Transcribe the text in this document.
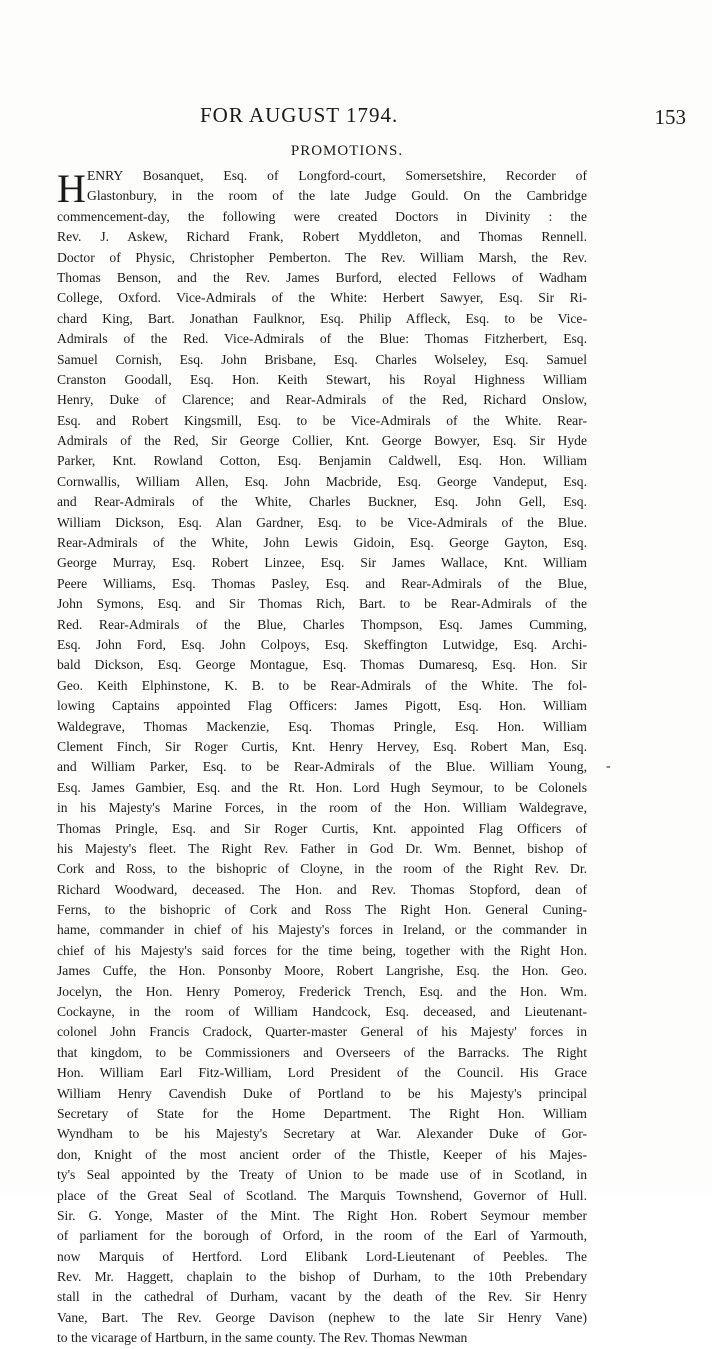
FOR AUGUST 1794.	153
PROMOTIONS.
H ENRY Bosanquet, Esq. of Longford-court, Somersetshire, Recorder of
Glastonbury, in the room of the late Judge Gould. On the Cambridge
commencement-day, the following were created Doctors in Divinity : the
Rev. J. Askew, Richard Frank, Robert Myddleton, and Thomas Rennell.
Doctor of Physic, Christopher Pemberton. The Rev. William Marsh, the Rev.
Thomas Benson, and the Rev. James Burford, elected Fellows of Wadham
College, Oxford. Vice-Admirals of the White: Herbert Sawyer, Esq. Sir Ri-
chard King, Bart. Jonathan Faulknor, Esq. Philip Affleck, Esq. to be Vice-
Admirals of the Red. Vice-Admirals of the Blue: Thomas Fitzherbert, Esq.
Samuel Cornish, Esq. John Brisbane, Esq. Charles Wolseley, Esq. Samuel
Cranston Goodall, Esq. Hon. Keith Stewart, his Royal Highness William
Henry, Duke of Clarence; and Rear-Admirals of the Red, Richard Onslow,
Esq. and Robert Kingsmill, Esq. to be Vice-Admirals of the White. Rear-
Admirals of the Red, Sir George Collier, Knt. George Bowyer, Esq. Sir Hyde
Parker, Knt. Rowland Cotton, Esq. Benjamin Caldwell, Esq. Hon. William
Cornwallis, William Allen, Esq. John Macbride, Esq. George Vandeput, Esq.
and Rear-Admirals of the White, Charles Buckner, Esq. John Gell, Esq.
William Dickson, Esq. Alan Gardner, Esq. to be Vice-Admirals of the Blue.
Rear-Admirals of the White, John Lewis Gidoin, Esq. George Gayton, Esq.
George Murray, Esq. Robert Linzee, Esq. Sir James Wallace, Knt. William
Peere Williams, Esq. Thomas Pasley, Esq. and Rear-Admirals of the Blue,
John Symons, Esq. and Sir Thomas Rich, Bart. to be Rear-Admirals of the
Red. Rear-Admirals of the Blue, Charles Thompson, Esq. James Cumming,
Esq. John Ford, Esq. John Colpoys, Esq. Skeffington Lutwidge, Esq. Archi-
bald Dickson, Esq. George Montague, Esq. Thomas Dumaresq, Esq. Hon. Sir
Geo. Keith Elphinstone, K. B. to be Rear-Admirals of the White. The fol-
lowing Captains appointed Flag Officers: James Pigott, Esq. Hon. William
Waldegrave, Thomas Mackenzie, Esq. Thomas Pringle, Esq. Hon. William
Clement Finch, Sir Roger Curtis, Knt. Henry Hervey, Esq. Robert Man, Esq.
and William Parker, Esq. to be Rear-Admirals of the Blue. William Young,
Esq. James Gambier, Esq. and the Rt. Hon. Lord Hugh Seymour, to be Colonels
in his Majesty's Marine Forces, in the room of the Hon. William Waldegrave,
Thomas Pringle, Esq. and Sir Roger Curtis, Knt. appointed Flag Officers of
his Majesty's fleet. The Right Rev. Father in God Dr. Wm. Bennet, bishop of
Cork and Ross, to the bishopric of Cloyne, in the room of the Right Rev. Dr.
Richard Woodward, deceased. The Hon. and Rev. Thomas Stopford, dean of
Ferns, to the bishopric of Cork and Ross The Right Hon. General Cuning-
hame, commander in chief of his Majesty's forces in Ireland, or the commander in
chief of his Majesty's said forces for the time being, together with the Right Hon.
James Cuffe, the Hon. Ponsonby Moore, Robert Langrishe, Esq. the Hon. Geo.
Jocelyn, the Hon. Henry Pomeroy, Frederick Trench, Esq. and the Hon. Wm.
Cockayne, in the room of William Handcock, Esq. deceased, and Lieutenant-
colonel John Francis Cradock, Quarter-master General of his Majesty' forces in
that kingdom, to be Commissioners and Overseers of the Barracks. The Right
Hon. William Earl Fitz-William, Lord President of the Council. His Grace
William Henry Cavendish Duke of Portland to be his Majesty's principal
Secretary of State for the Home Department. The Right Hon. William
Wyndham to be his Majesty's Secretary at War. Alexander Duke of Gor-
don, Knight of the most ancient order of the Thistle, Keeper of his Majes-
ty's Seal appointed by the Treaty of Union to be made use of in Scotland, in
place of the Great Seal of Scotland. The Marquis Townshend, Governor of Hull.
Sir. G. Yonge, Master of the Mint. The Right Hon. Robert Seymour member
of parliament for the borough of Orford, in the room of the Earl of Yarmouth,
now Marquis of Hertford. Lord Elibank Lord-Lieutenant of Peebles. The
Rev. Mr. Haggett, chaplain to the bishop of Durham, to the 10th Prebendary
stall in the cathedral of Durham, vacant by the death of the Rev. Sir Henry
Vane, Bart. The Rev. George Davison (nephew to the late Sir Henry Vane)
to the vicarage of Hartburn, in the same county. The Rev. Thomas Newman
-
